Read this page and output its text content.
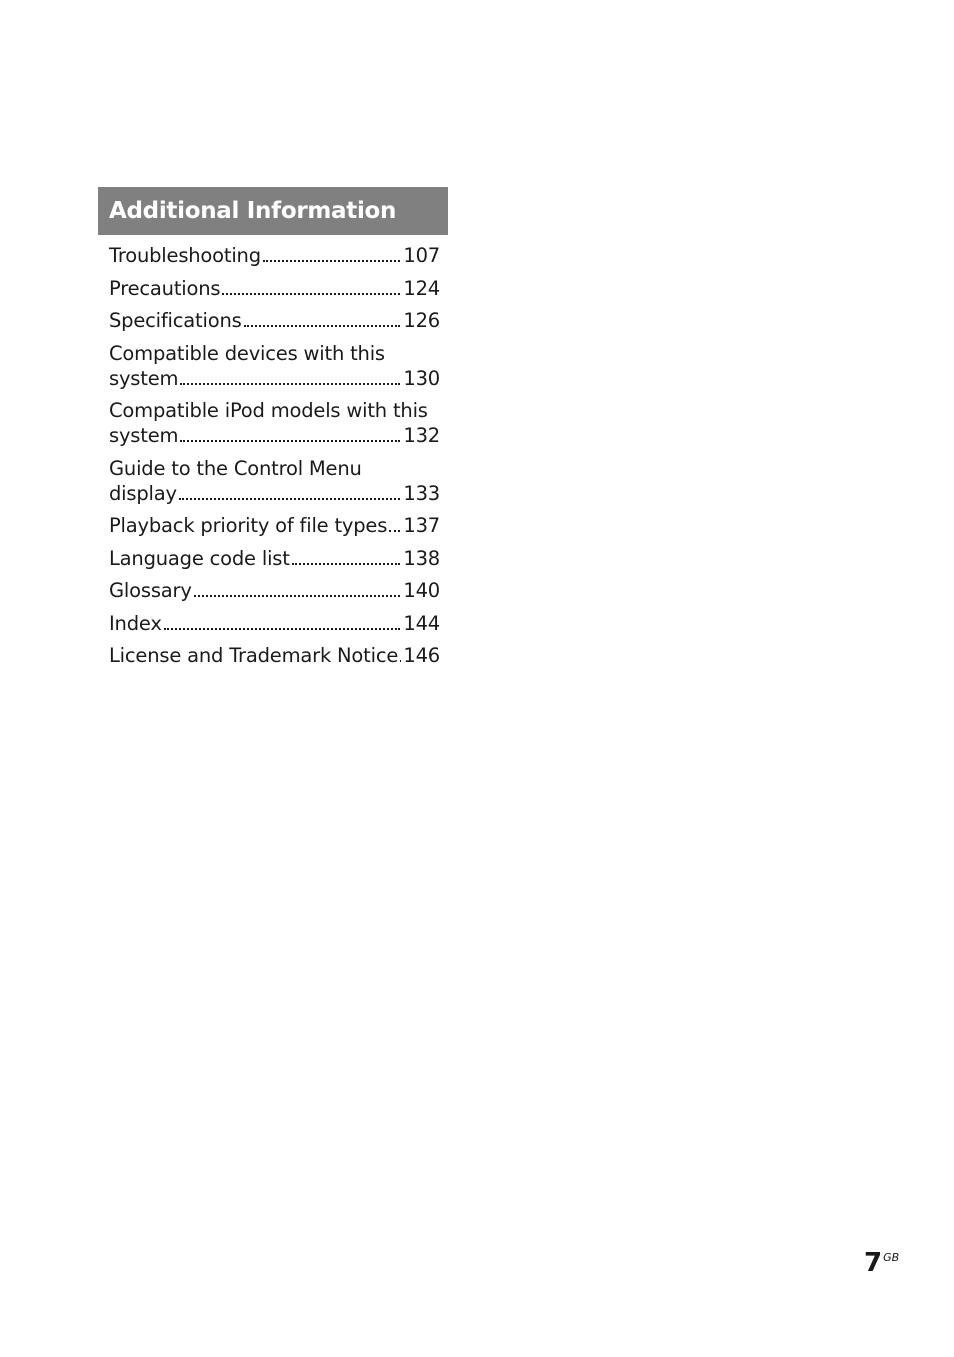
Additional Information
Troubleshooting	107
Precautions	124
Specifications	126
Compatible devices with this
system	130
Compatible iPod models with this
system	132
Guide to the Control Menu
display	133
Playback priority of file types 137
Language code list	138
Glossary	140
Index	144
License and Trademark Notice 146
$7^{GB}$
